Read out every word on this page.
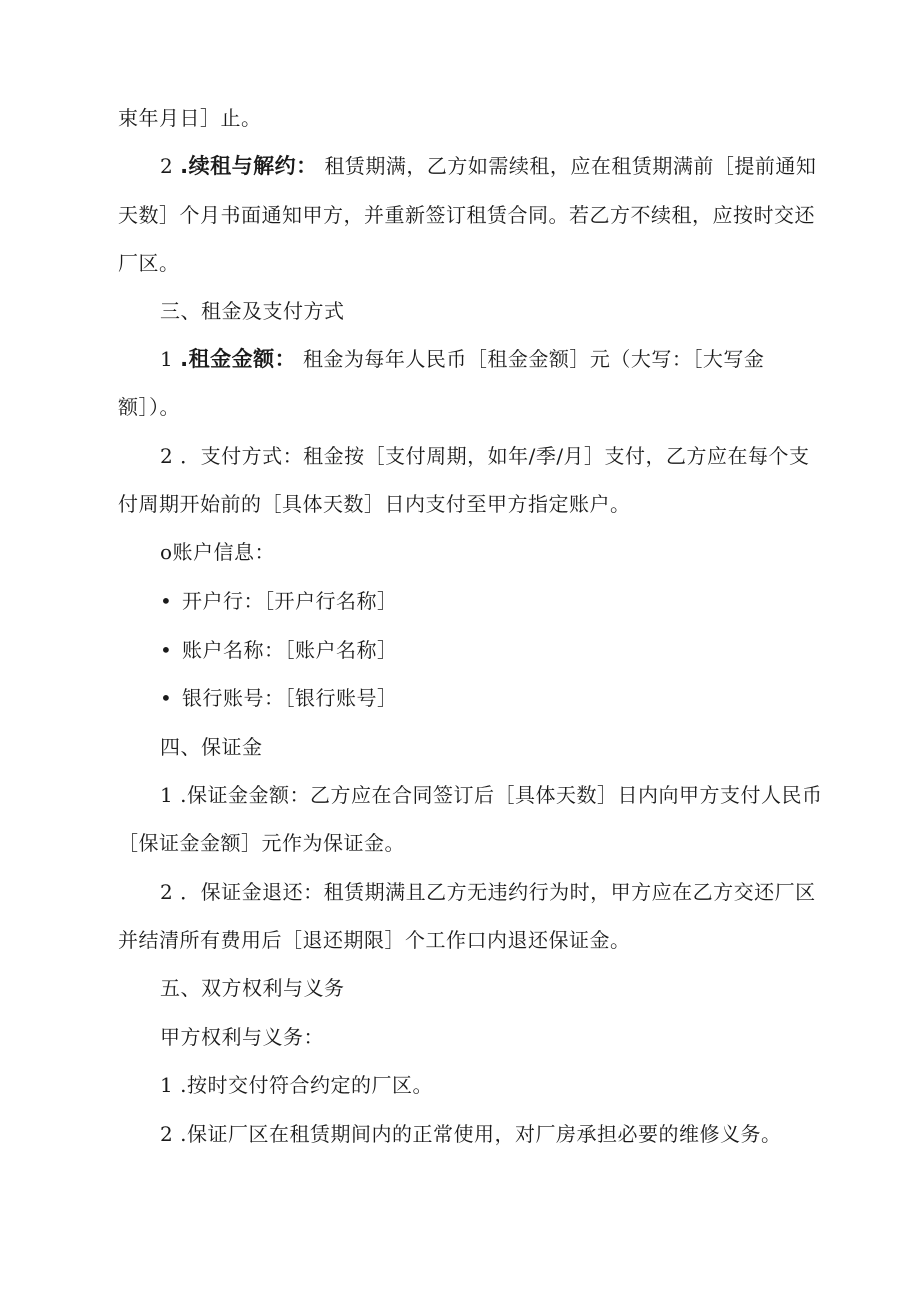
束年月日］止。
2 .续租与解约： 租赁期满，乙方如需续租，应在租赁期满前［提前通知
天数］个月书面通知甲方，并重新签订租赁合同。若乙方不续租，应按时交还
厂区。
三、租金及支付方式
1 .租金金额： 租金为每年人民币［租金金额］元（大写：［大写金
额］）。
2 ．支付方式：租金按［支付周期，如年/季/月］支付，乙方应在每个支
付周期开始前的［具体天数］日内支付至甲方指定账户。
o账户信息：
• 开户行：［开户行名称］
• 账户名称：［账户名称］
• 银行账号：［银行账号］
四、保证金
1 .保证金金额：乙方应在合同签订后［具体天数］日内向甲方支付人民币
［保证金金额］元作为保证金。
2 ．保证金退还：租赁期满且乙方无违约行为时，甲方应在乙方交还厂区
并结清所有费用后［退还期限］个工作口内退还保证金。
五、双方权利与义务
甲方权利与义务：
1 .按时交付符合约定的厂区。
2 .保证厂区在租赁期间内的正常使用，对厂房承担必要的维修义务。
